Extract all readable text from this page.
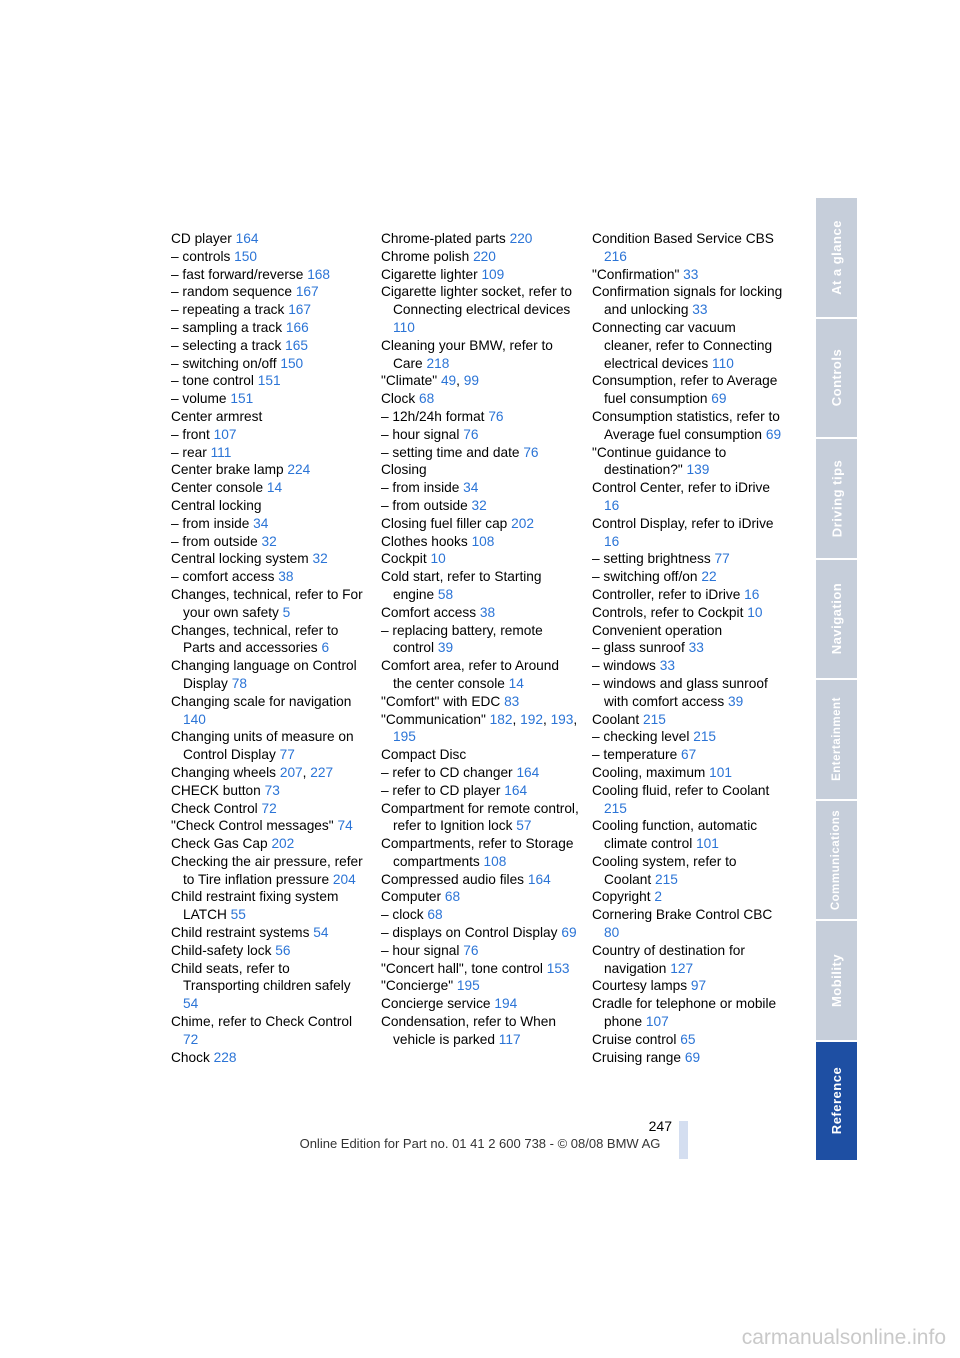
CD player 164
– controls 150
– fast forward/reverse 168
– random sequence 167
– repeating a track 167
– sampling a track 166
– selecting a track 165
– switching on/off 150
– tone control 151
– volume 151
Center armrest
– front 107
– rear 111
Center brake lamp 224
Center console 14
Central locking
– from inside 34
– from outside 32
Central locking system 32
– comfort access 38
Changes, technical, refer to For your own safety 5
Changes, technical, refer to Parts and accessories 6
Changing language on Control Display 78
Changing scale for navigation 140
Changing units of measure on Control Display 77
Changing wheels 207, 227
CHECK button 73
Check Control 72
"Check Control messages" 74
Check Gas Cap 202
Checking the air pressure, refer to Tire inflation pressure 204
Child restraint fixing system LATCH 55
Child restraint systems 54
Child-safety lock 56
Child seats, refer to Transporting children safely 54
Chime, refer to Check Control 72
Chock 228
Chrome-plated parts 220
Chrome polish 220
Cigarette lighter 109
Cigarette lighter socket, refer to Connecting electrical devices 110
Cleaning your BMW, refer to Care 218
"Climate" 49, 99
Clock 68
– 12h/24h format 76
– hour signal 76
– setting time and date 76
Closing
– from inside 34
– from outside 32
Closing fuel filler cap 202
Clothes hooks 108
Cockpit 10
Cold start, refer to Starting engine 58
Comfort access 38
– replacing battery, remote control 39
Comfort area, refer to Around the center console 14
"Comfort" with EDC 83
"Communication" 182, 192, 193, 195
Compact Disc
– refer to CD changer 164
– refer to CD player 164
Compartment for remote control, refer to Ignition lock 57
Compartments, refer to Storage compartments 108
Compressed audio files 164
Computer 68
– clock 68
– displays on Control Display 69
– hour signal 76
"Concert hall", tone control 153
"Concierge" 195
Concierge service 194
Condensation, refer to When vehicle is parked 117
Condition Based Service CBS 216
"Confirmation" 33
Confirmation signals for locking and unlocking 33
Connecting car vacuum cleaner, refer to Connecting electrical devices 110
Consumption, refer to Average fuel consumption 69
Consumption statistics, refer to Average fuel consumption 69
"Continue guidance to destination?" 139
Control Center, refer to iDrive 16
Control Display, refer to iDrive 16
– setting brightness 77
– switching off/on 22
Controller, refer to iDrive 16
Controls, refer to Cockpit 10
Convenient operation
– glass sunroof 33
– windows 33
– windows and glass sunroof with comfort access 39
Coolant 215
– checking level 215
– temperature 67
Cooling, maximum 101
Cooling fluid, refer to Coolant 215
Cooling function, automatic climate control 101
Cooling system, refer to Coolant 215
Copyright 2
Cornering Brake Control CBC 80
Country of destination for navigation 127
Courtesy lamps 97
Cradle for telephone or mobile phone 107
Cruise control 65
Cruising range 69
At a glance
Controls
Driving tips
Navigation
Entertainment
Communications
Mobility
Reference
247
Online Edition for Part no. 01 41 2 600 738 - © 08/08 BMW AG
carmanualsonline.info
